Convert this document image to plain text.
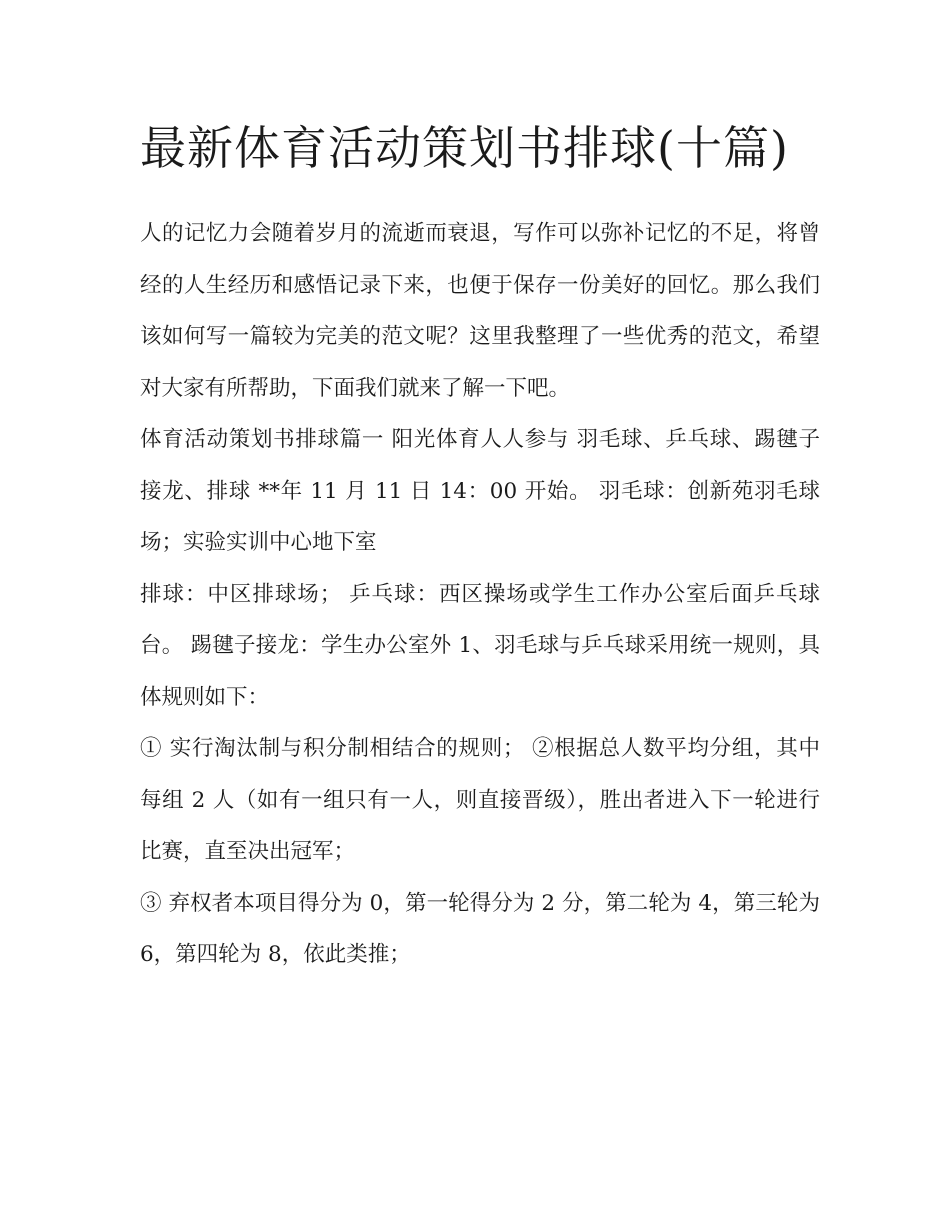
最新体育活动策划书排球(十篇)

人的记忆力会随着岁月的流逝而衰退，写作可以弥补记忆的不足，将曾经的人生经历和感悟记录下来，也便于保存一份美好的回忆。那么我们该如何写一篇较为完美的范文呢？这里我整理了一些优秀的范文，希望对大家有所帮助，下面我们就来了解一下吧。

体育活动策划书排球篇一 阳光体育人人参与 羽毛球、乒乓球、踢毽子接龙、排球 **年 11 月 11 日 14：00 开始。 羽毛球：创新苑羽毛球场；实验实训中心地下室

排球：中区排球场； 乒乓球：西区操场或学生工作办公室后面乒乓球台。 踢毽子接龙：学生办公室外 1、羽毛球与乒乓球采用统一规则，具体规则如下：

① 实行淘汰制与积分制相结合的规则； ②根据总人数平均分组，其中每组 2 人（如有一组只有一人，则直接晋级），胜出者进入下一轮进行比赛，直至决出冠军；

③ 弃权者本项目得分为 0，第一轮得分为 2 分，第二轮为 4，第三轮为 6，第四轮为 8，依此类推；
